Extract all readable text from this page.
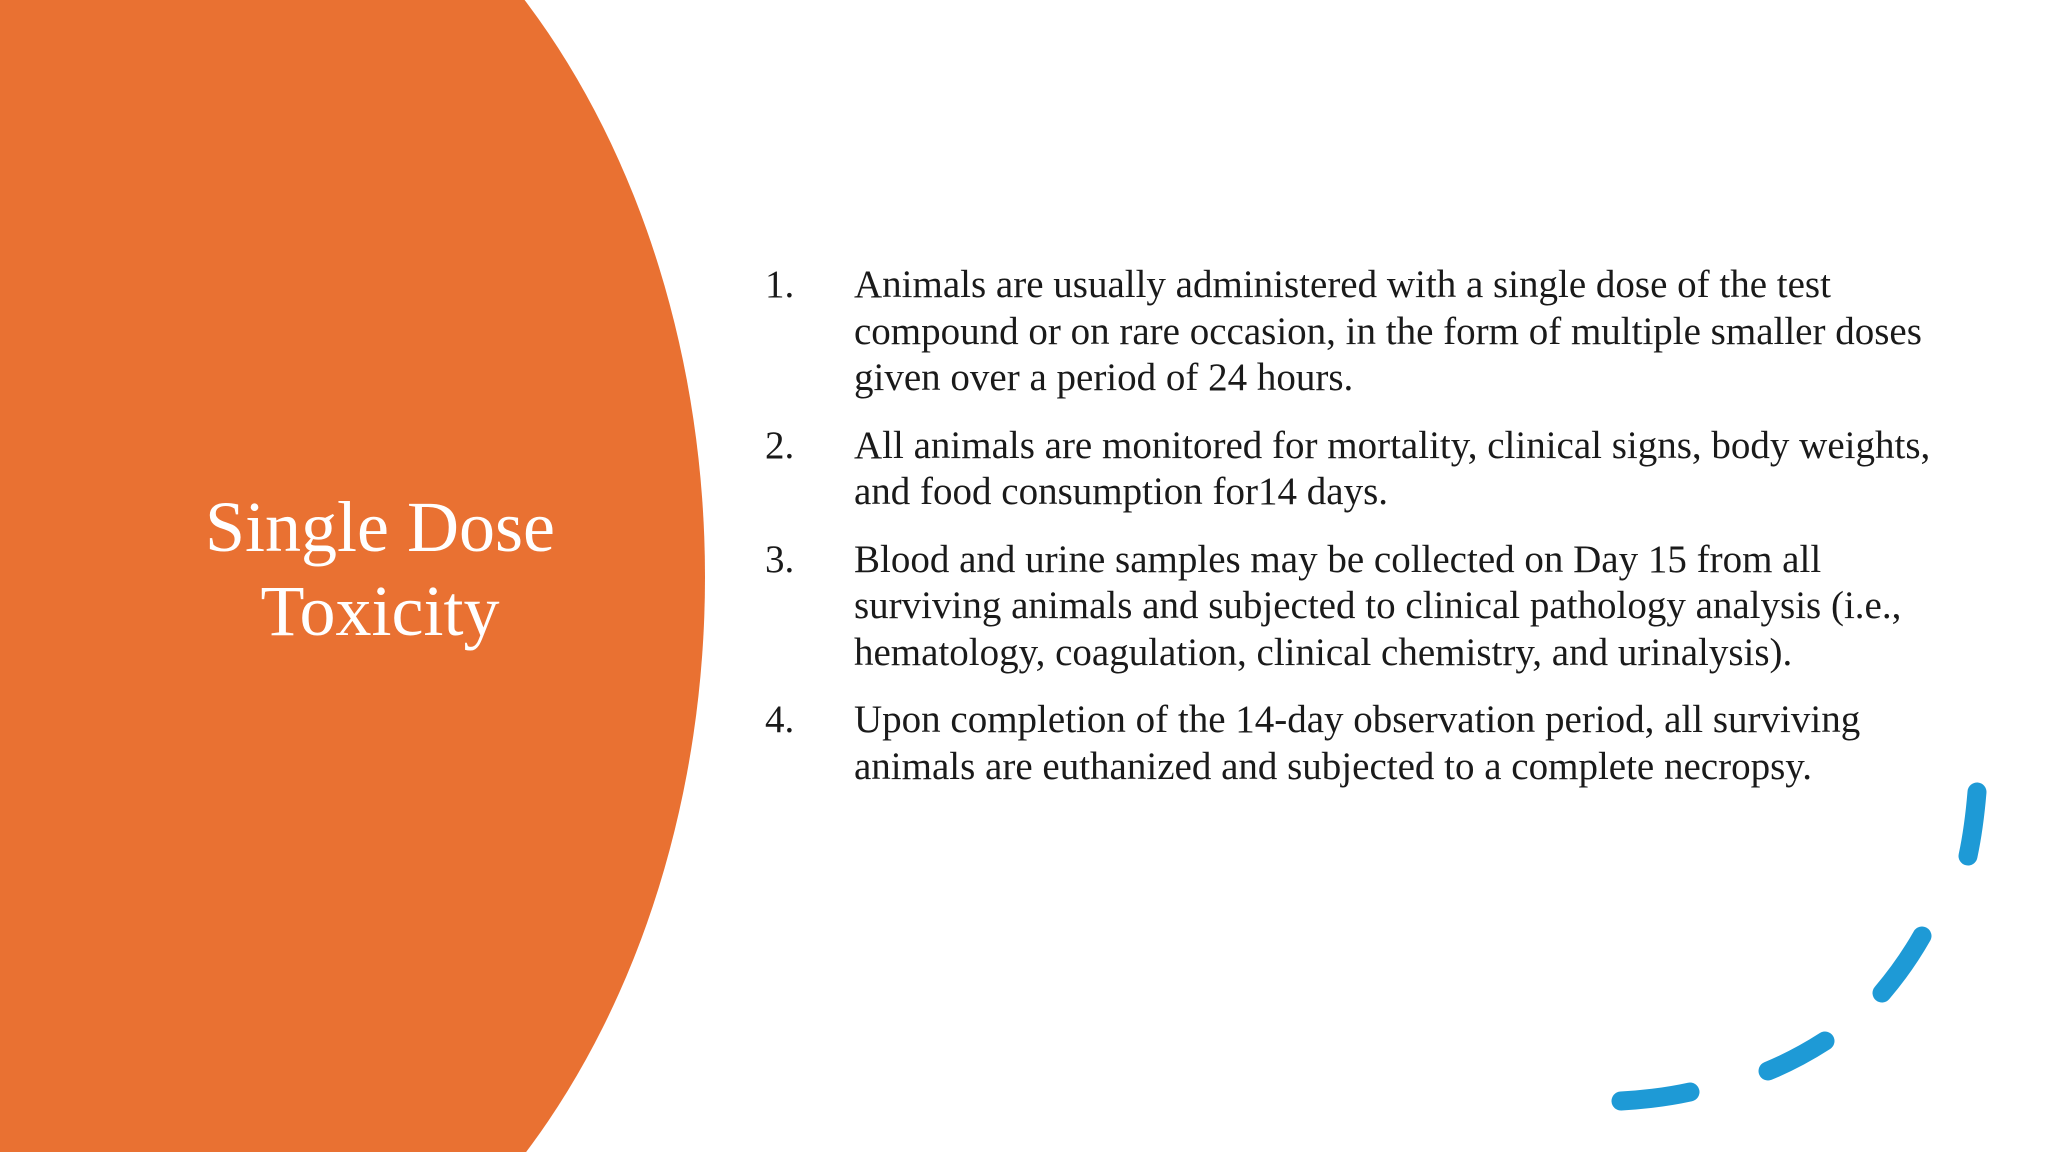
Single Dose
Toxicity
1.	Animals are usually administered with a single dose of the test compound or on rare occasion, in the form of multiple smaller doses given over a period of 24 hours.
2.	All animals are monitored for mortality, clinical signs, body weights, and food consumption for14 days.
3.	Blood and urine samples may be collected on Day 15 from all surviving animals and subjected to clinical pathology analysis (i.e., hematology, coagulation, clinical chemistry, and urinalysis).
4.	Upon completion of the 14-day observation period, all surviving animals are euthanized and subjected to a complete necropsy.
